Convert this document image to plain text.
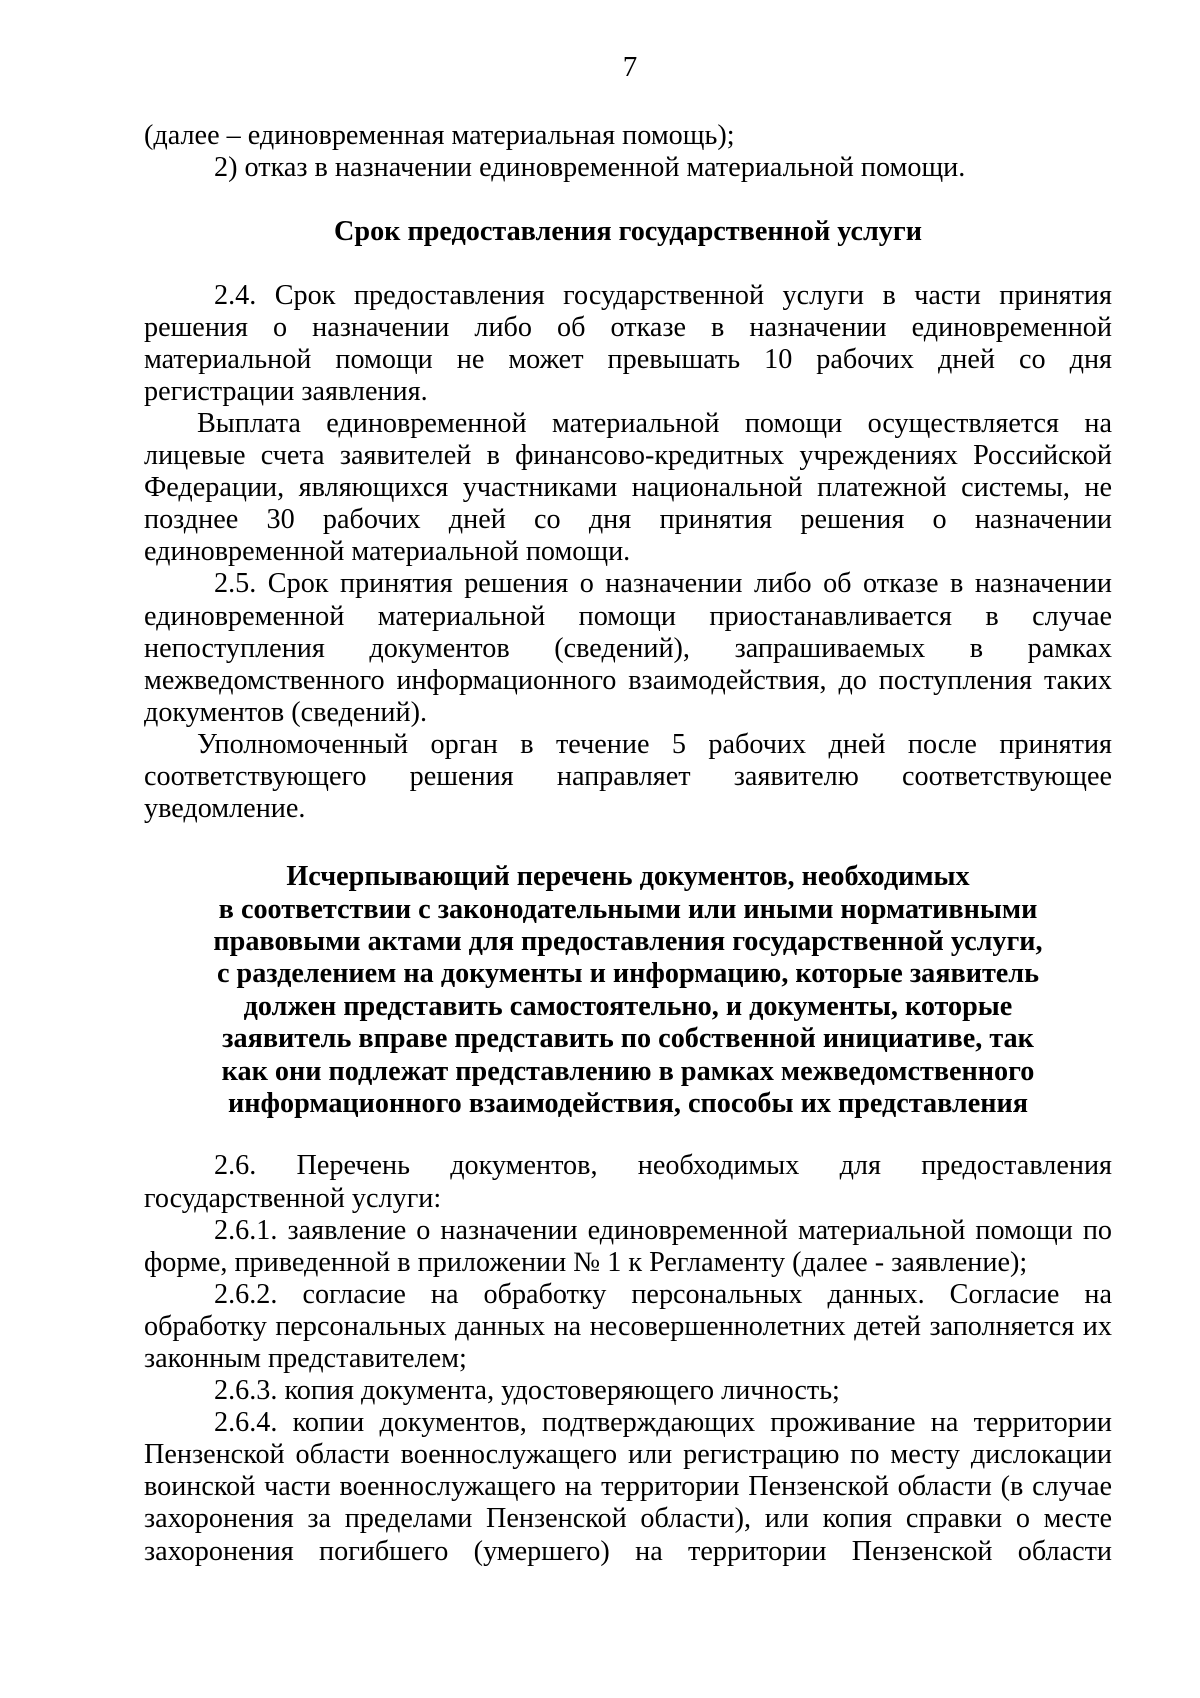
7

(далее – единовременная материальная помощь);

2) отказ в назначении единовременной материальной помощи.

Срок предоставления государственной услуги

2.4. Срок предоставления государственной услуги в части принятия решения о назначении либо об отказе в назначении единовременной материальной помощи не может превышать 10 рабочих дней со дня регистрации заявления.

Выплата единовременной материальной помощи осуществляется на лицевые счета заявителей в финансово-кредитных учреждениях Российской Федерации, являющихся участниками национальной платежной системы, не позднее 30 рабочих дней со дня принятия решения о назначении единовременной материальной помощи.

2.5. Срок принятия решения о назначении либо об отказе в назначении единовременной материальной помощи приостанавливается в случае непоступления документов (сведений), запрашиваемых в рамках межведомственного информационного взаимодействия, до поступления таких документов (сведений).

Уполномоченный орган в течение 5 рабочих дней после принятия соответствующего решения направляет заявителю соответствующее уведомление.

Исчерпывающий перечень документов, необходимых
в соответствии с законодательными или иными нормативными
правовыми актами для предоставления государственной услуги,
с разделением на документы и информацию, которые заявитель
должен представить самостоятельно, и документы, которые
заявитель вправе представить по собственной инициативе, так
как они подлежат представлению в рамках межведомственного
информационного взаимодействия, способы их представления

2.6. Перечень документов, необходимых для предоставления государственной услуги:

2.6.1. заявление о назначении единовременной материальной помощи по форме, приведенной в приложении № 1 к Регламенту (далее - заявление);

2.6.2. согласие на обработку персональных данных. Согласие на обработку персональных данных на несовершеннолетних детей заполняется их законным представителем;

2.6.3. копия документа, удостоверяющего личность;

2.6.4. копии документов, подтверждающих проживание на территории Пензенской области военнослужащего или регистрацию по месту дислокации воинской части военнослужащего на территории Пензенской области (в случае захоронения за пределами Пензенской области), или копия справки о месте захоронения погибшего (умершего) на территории Пензенской области
